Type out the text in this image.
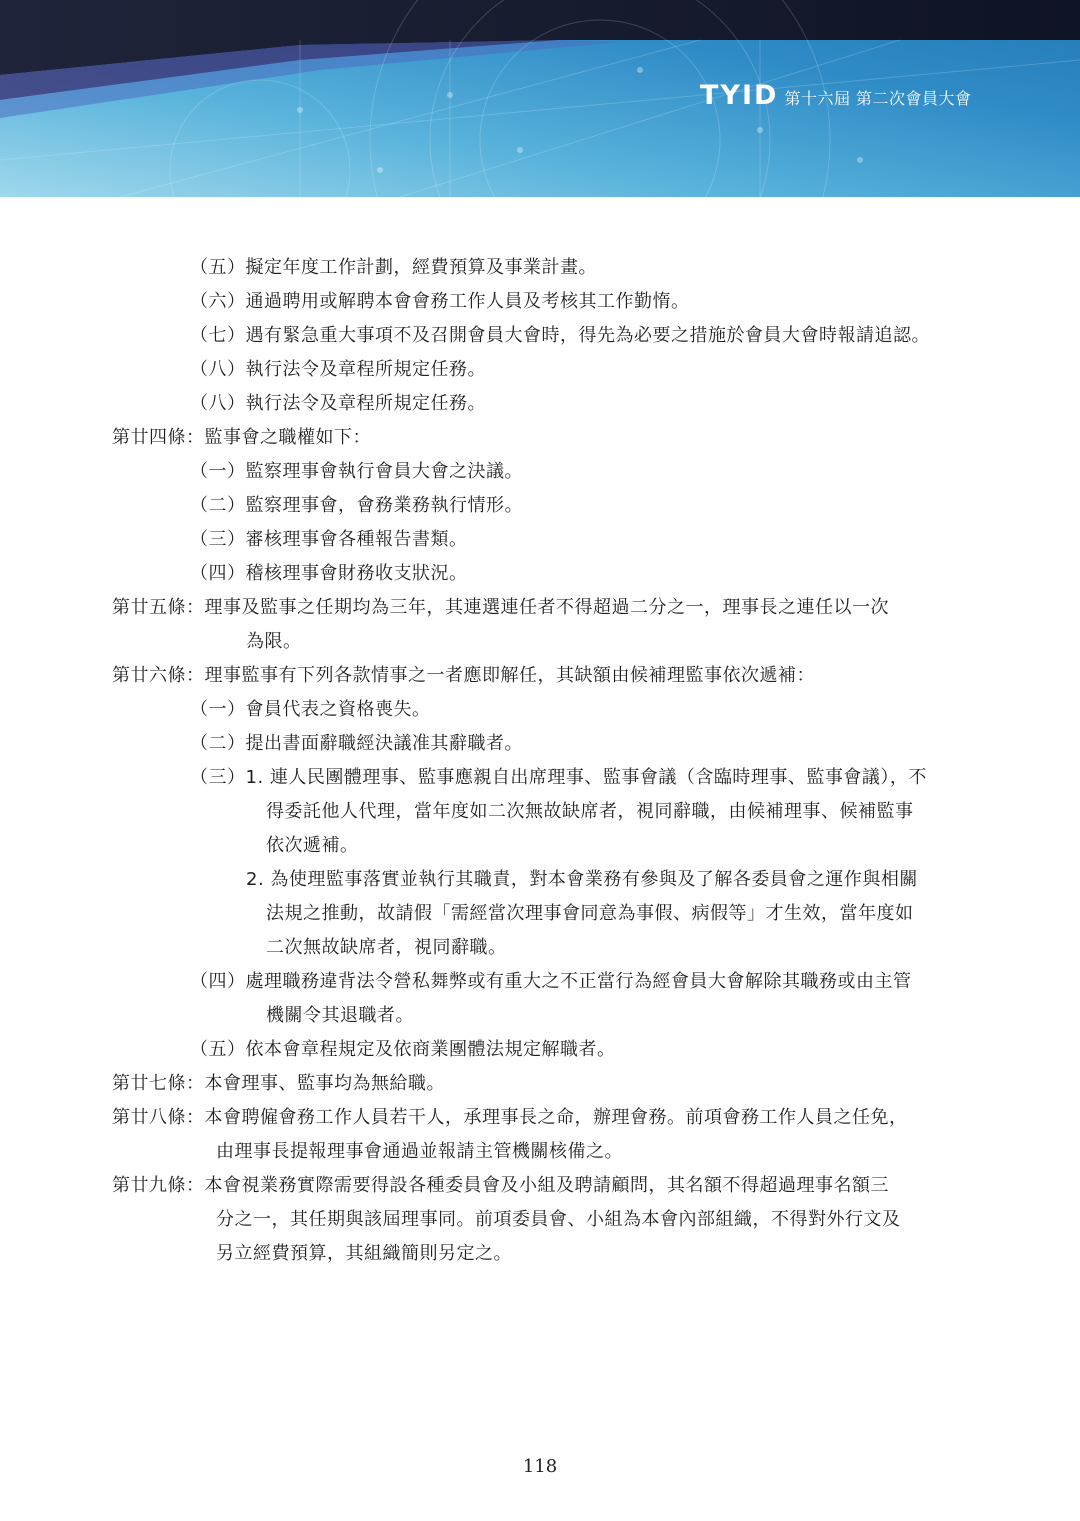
TYID 第十六屆 第二次會員大會
（五）擬定年度工作計劃，經費預算及事業計畫。
（六）通過聘用或解聘本會會務工作人員及考核其工作勤惰。
（七）遇有緊急重大事項不及召開會員大會時，得先為必要之措施於會員大會時報請追認。
（八）執行法令及章程所規定任務。
（八）執行法令及章程所規定任務。
第廿四條：監事會之職權如下：
（一）監察理事會執行會員大會之決議。
（二）監察理事會，會務業務執行情形。
（三）審核理事會各種報告書類。
（四）稽核理事會財務收支狀況。
第廿五條：理事及監事之任期均為三年，其連選連任者不得超過二分之一，理事長之連任以一次
為限。
第廿六條：理事監事有下列各款情事之一者應即解任，其缺額由候補理監事依次遞補：
（一）會員代表之資格喪失。
（二）提出書面辭職經決議准其辭職者。
（三）1. 連人民團體理事、監事應親自出席理事、監事會議（含臨時理事、監事會議），不
得委託他人代理，當年度如二次無故缺席者，視同辭職，由候補理事、候補監事
依次遞補。
2. 為使理監事落實並執行其職責，對本會業務有參與及了解各委員會之運作與相關
法規之推動，故請假「需經當次理事會同意為事假、病假等」才生效，當年度如
二次無故缺席者，視同辭職。
（四）處理職務違背法令營私舞弊或有重大之不正當行為經會員大會解除其職務或由主管
機關令其退職者。
（五）依本會章程規定及依商業團體法規定解職者。
第廿七條：本會理事、監事均為無給職。
第廿八條：本會聘僱會務工作人員若干人，承理事長之命，辦理會務。前項會務工作人員之任免，
由理事長提報理事會通過並報請主管機關核備之。
第廿九條：本會視業務實際需要得設各種委員會及小組及聘請顧問，其名額不得超過理事名額三
分之一，其任期與該屆理事同。前項委員會、小組為本會內部組織，不得對外行文及
另立經費預算，其組織簡則另定之。
118
